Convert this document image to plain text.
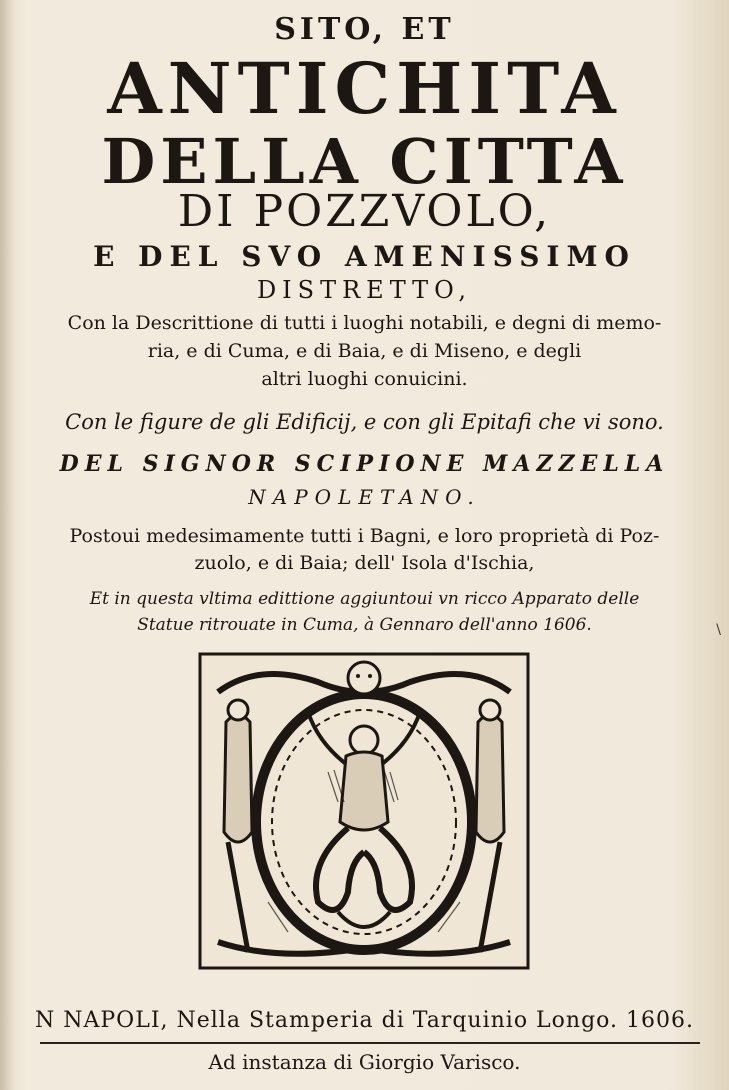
SITO, ET
ANTICHITA
DELLA CITTA
DI POZZVOLO,
E DEL SVO AMENISSIMO
DISTRETTO,
Con la Descrittione di tutti i luoghi notabili, e degni di memo-
ria, e di Cuma, e di Baia, e di Miseno, e degli
altri luoghi conuicini.
Con le figure de gli Edificij, e con gli Epitafi che vi sono.
DEL SIGNOR SCIPIONE MAZZELLA
NAPOLETANO.
Postoui medesimamente tutti i Bagni, e loro proprietà di Poz-
zuolo, e di Baia; dell' Isola d'Ischia,
Et in questa vltima edittione aggiuntoui vn ricco Apparato delle
Statue ritrouate in Cuma, à Gennaro dell'anno 1606.	\
N NAPOLI, Nella Stamperia di Tarquinio Longo. 1606.
Ad instanza di Giorgio Varisco.
